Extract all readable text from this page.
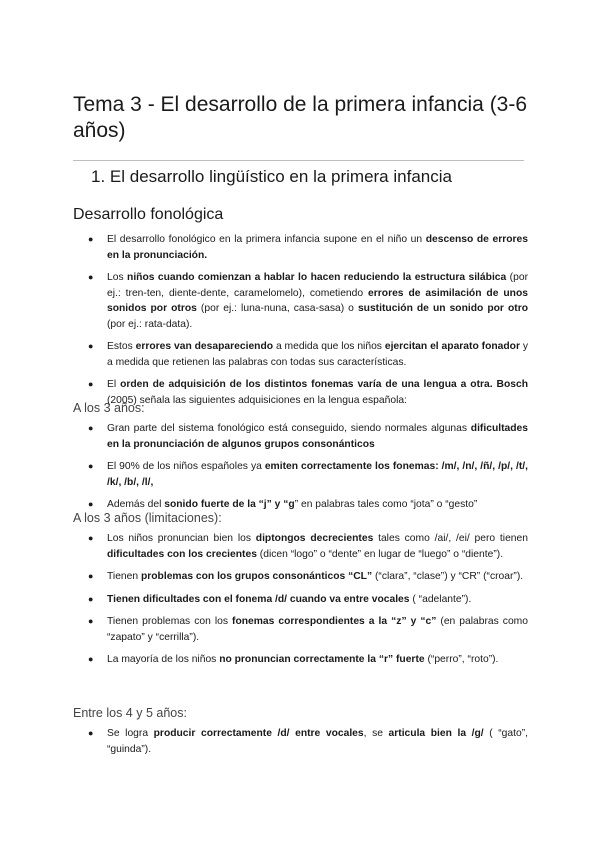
Tema 3 - El desarrollo de la primera infancia (3-6 años)
1. El desarrollo lingüístico en la primera infancia
Desarrollo fonológica
● El desarrollo fonológico en la primera infancia supone en el niño un descenso de errores en la pronunciación.
● Los niños cuando comienzan a hablar lo hacen reduciendo la estructura silábica (por ej.: tren-ten, diente-dente, caramelomelo), cometiendo errores de asimilación de unos sonidos por otros (por ej.: luna-nuna, casa-sasa) o sustitución de un sonido por otro (por ej.: rata-data).
● Estos errores van desapareciendo a medida que los niños ejercitan el aparato fonador y a medida que retienen las palabras con todas sus características.
● El orden de adquisición de los distintos fonemas varía de una lengua a otra. Bosch (2005) señala las siguientes adquisiciones en la lengua española:
A los 3 años:
● Gran parte del sistema fonológico está conseguido, siendo normales algunas dificultades en la pronunciación de algunos grupos consonánticos
● El 90% de los niños españoles ya emiten correctamente los fonemas: /m/, /n/, /ñ/, /p/, /t/, /k/, /b/, /l/,
● Además del sonido fuerte de la “j” y “g” en palabras tales como “jota” o “gesto”
A los 3 años (limitaciones):
● Los niños pronuncian bien los diptongos decrecientes tales como /ai/, /ei/ pero tienen dificultades con los crecientes (dicen “logo” o “dente” en lugar de “luego” o “diente”).
● Tienen problemas con los grupos consonánticos “CL” (“clara”, “clase”) y “CR” (“croar”).
● Tienen dificultades con el fonema /d/ cuando va entre vocales ( “adelante”).
● Tienen problemas con los fonemas correspondientes a la “z” y “c” (en palabras como “zapato” y “cerrilla”).
● La mayoría de los niños no pronuncian correctamente la “r” fuerte (“perro”, “roto”).
Entre los 4 y 5 años:
● Se logra producir correctamente /d/ entre vocales, se articula bien la /g/ ( “gato”, “guinda”).
